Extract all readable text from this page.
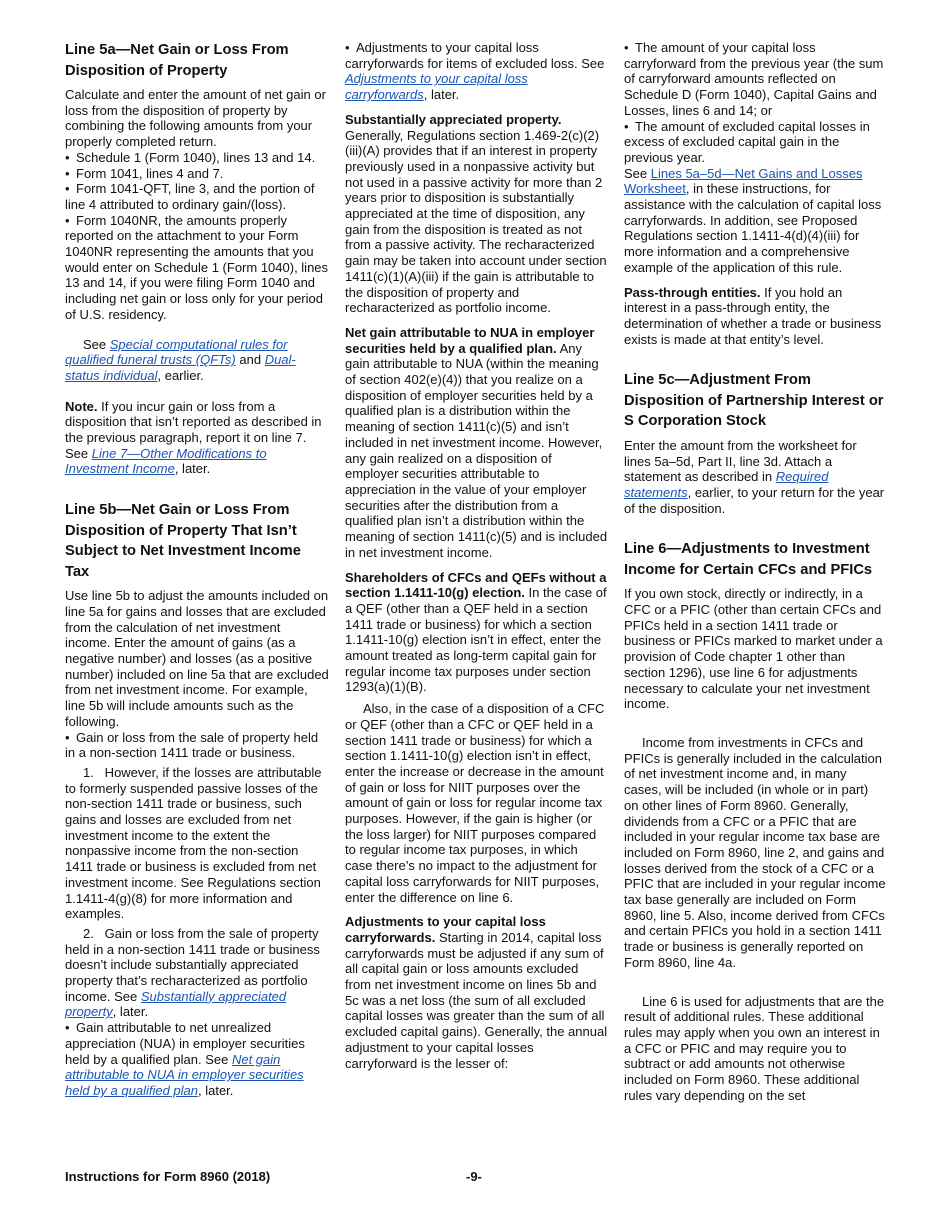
Line 5a—Net Gain or Loss From Disposition of Property
Calculate and enter the amount of net gain or loss from the disposition of property by combining the following amounts from your properly completed return.
• Schedule 1 (Form 1040), lines 13 and 14.
• Form 1041, lines 4 and 7.
• Form 1041-QFT, line 3, and the portion of line 4 attributed to ordinary gain/(loss).
• Form 1040NR, the amounts properly reported on the attachment to your Form 1040NR representing the amounts that you would enter on Schedule 1 (Form 1040), lines 13 and 14, if you were filing Form 1040 and including net gain or loss only for your period of U.S. residency.
See Special computational rules for qualified funeral trusts (QFTs) and Dual-status individual, earlier.
Note. If you incur gain or loss from a disposition that isn’t reported as described in the previous paragraph, report it on line 7. See Line 7—Other Modifications to Investment Income, later.
Line 5b—Net Gain or Loss From Disposition of Property That Isn’t Subject to Net Investment Income Tax
Use line 5b to adjust the amounts included on line 5a for gains and losses that are excluded from the calculation of net investment income. Enter the amount of gains (as a negative number) and losses (as a positive number) included on line 5a that are excluded from net investment income. For example, line 5b will include amounts such as the following.
• Gain or loss from the sale of property held in a non-section 1411 trade or business.
1.   However, if the losses are attributable to formerly suspended passive losses of the non-section 1411 trade or business, such gains and losses are excluded from net investment income to the extent the nonpassive income from the non-section 1411 trade or business is excluded from net investment income. See Regulations section 1.1411-4(g)(8) for more information and examples.
2.   Gain or loss from the sale of property held in a non-section 1411 trade or business doesn’t include substantially appreciated property that’s recharacterized as portfolio income. See Substantially appreciated property, later.
• Gain attributable to net unrealized appreciation (NUA) in employer securities held by a qualified plan. See Net gain attributable to NUA in employer securities held by a qualified plan, later.
• Adjustments to your capital loss carryforwards for items of excluded loss. See Adjustments to your capital loss carryforwards, later.
Substantially appreciated property. Generally, Regulations section 1.469-2(c)(2)(iii)(A) provides that if an interest in property previously used in a nonpassive activity but not used in a passive activity for more than 2 years prior to disposition is substantially appreciated at the time of disposition, any gain from the disposition is treated as not from a passive activity. The recharacterized gain may be taken into account under section 1411(c)(1)(A)(iii) if the gain is attributable to the disposition of property and recharacterized as portfolio income.
Net gain attributable to NUA in employer securities held by a qualified plan. Any gain attributable to NUA (within the meaning of section 402(e)(4)) that you realize on a disposition of employer securities held by a qualified plan is a distribution within the meaning of section 1411(c)(5) and isn’t included in net investment income. However, any gain realized on a disposition of employer securities attributable to appreciation in the value of your employer securities after the distribution from a qualified plan isn’t a distribution within the meaning of section 1411(c)(5) and is included in net investment income.
Shareholders of CFCs and QEFs without a section 1.1411-10(g) election. In the case of a QEF (other than a QEF held in a section 1411 trade or business) for which a section 1.1411-10(g) election isn’t in effect, enter the amount treated as long-term capital gain for regular income tax purposes under section 1293(a)(1)(B).
Also, in the case of a disposition of a CFC or QEF (other than a CFC or QEF held in a section 1411 trade or business) for which a section 1.1411-10(g) election isn’t in effect, enter the increase or decrease in the amount of gain or loss for NIIT purposes over the amount of gain or loss for regular income tax purposes. However, if the gain is higher (or the loss larger) for NIIT purposes compared to regular income tax purposes, in which case there’s no impact to the adjustment for capital loss carryforwards for NIIT purposes, enter the difference on line 6.
Adjustments to your capital loss carryforwards. Starting in 2014, capital loss carryforwards must be adjusted if any sum of all capital gain or loss amounts excluded from net investment income on lines 5b and 5c was a net loss (the sum of all excluded capital losses was greater than the sum of all excluded capital gains). Generally, the annual adjustment to your capital losses carryforward is the lesser of:
• The amount of your capital loss carryforward from the previous year (the sum of carryforward amounts reflected on Schedule D (Form 1040), Capital Gains and Losses, lines 6 and 14; or
• The amount of excluded capital losses in excess of excluded capital gain in the previous year.
See Lines 5a–5d—Net Gains and Losses Worksheet, in these instructions, for assistance with the calculation of capital loss carryforwards. In addition, see Proposed Regulations section 1.1411-4(d)(4)(iii) for more information and a comprehensive example of the application of this rule.
Pass-through entities. If you hold an interest in a pass-through entity, the determination of whether a trade or business exists is made at that entity’s level.
Line 5c—Adjustment From Disposition of Partnership Interest or S Corporation Stock
Enter the amount from the worksheet for lines 5a–5d, Part II, line 3d. Attach a statement as described in Required statements, earlier, to your return for the year of the disposition.
Line 6—Adjustments to Investment Income for Certain CFCs and PFICs
If you own stock, directly or indirectly, in a CFC or a PFIC (other than certain CFCs and PFICs held in a section 1411 trade or business or PFICs marked to market under a provision of Code chapter 1 other than section 1296), use line 6 for adjustments necessary to calculate your net investment income.
Income from investments in CFCs and PFICs is generally included in the calculation of net investment income and, in many cases, will be included (in whole or in part) on other lines of Form 8960. Generally, dividends from a CFC or a PFIC that are included in your regular income tax base are included on Form 8960, line 2, and gains and losses derived from the stock of a CFC or a PFIC that are included in your regular income tax base generally are included on Form 8960, line 5. Also, income derived from CFCs and certain PFICs you hold in a section 1411 trade or business is generally reported on Form 8960, line 4a.
Line 6 is used for adjustments that are the result of additional rules. These additional rules may apply when you own an interest in a CFC or PFIC and may require you to subtract or add amounts not otherwise included on Form 8960. These additional rules vary depending on the set
Instructions for Form 8960 (2018)	-9-
